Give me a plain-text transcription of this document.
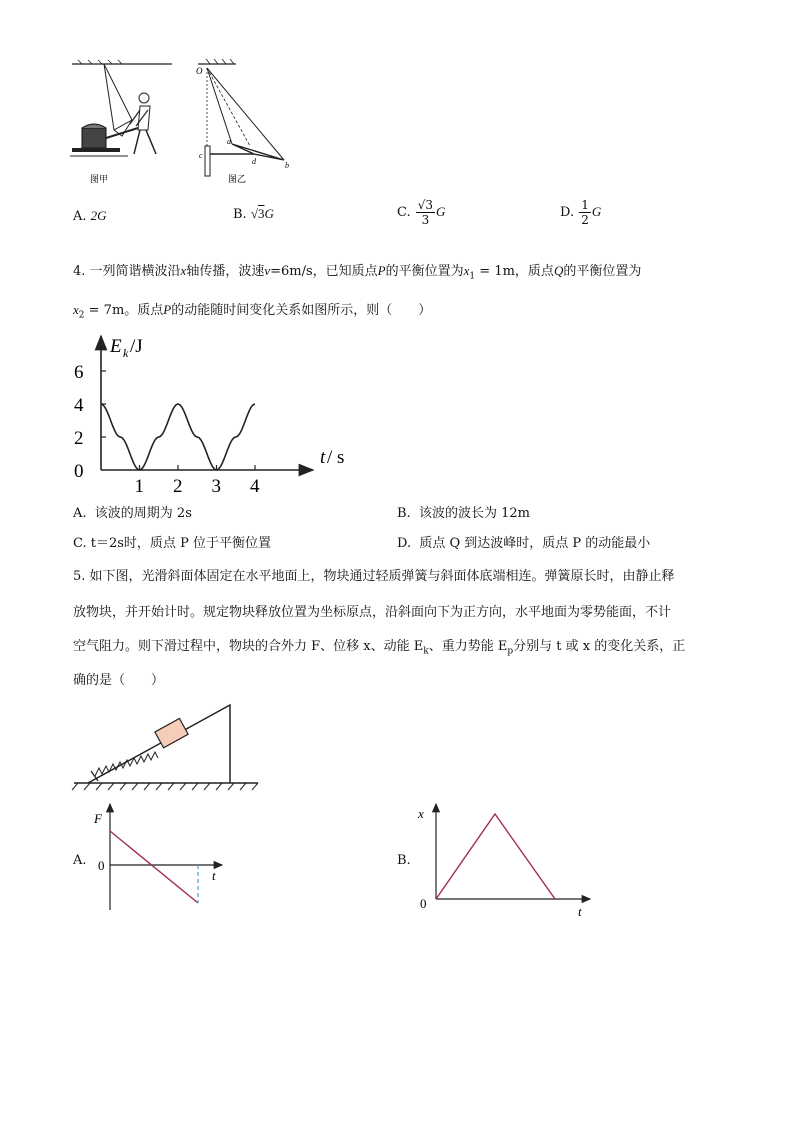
图甲
O
a
b
c
d
图乙
A. 2G	B. √3G	C. $\frac{√3}{3}$ G	D. $\frac{1}{2}$ G
4. 一列简谐横波沿x轴传播，波速v=6m/s，已知质点P的平衡位置为$x_1 = 1m$，质点Q的平衡位置为
$x_2 = 7m$。质点P的动能随时间变化关系如图所示，则（　　）
E k /J
t / s
0
2
4
6
1 2 3 4
A. 该波的周期为 2s	B. 该波的波长为 12m
C. t＝2s时，质点 P 位于平衡位置	D. 质点 Q 到达波峰时，质点 P 的动能最小
5. 如下图，光滑斜面体固定在水平地面上，物块通过轻质弹簧与斜面体底端相连。弹簧原长时，由静止释
放物块，并开始计时。规定物块释放位置为坐标原点，沿斜面向下为正方向，水平地面为零势能面，不计
空气阻力。则下滑过程中，物块的合外力 F、位移 x、动能 $E_k$、重力势能 $E_p$分别与 t 或 x 的变化关系，正
确的是（　　）
A.
F
0
t
B.
x
0
t
